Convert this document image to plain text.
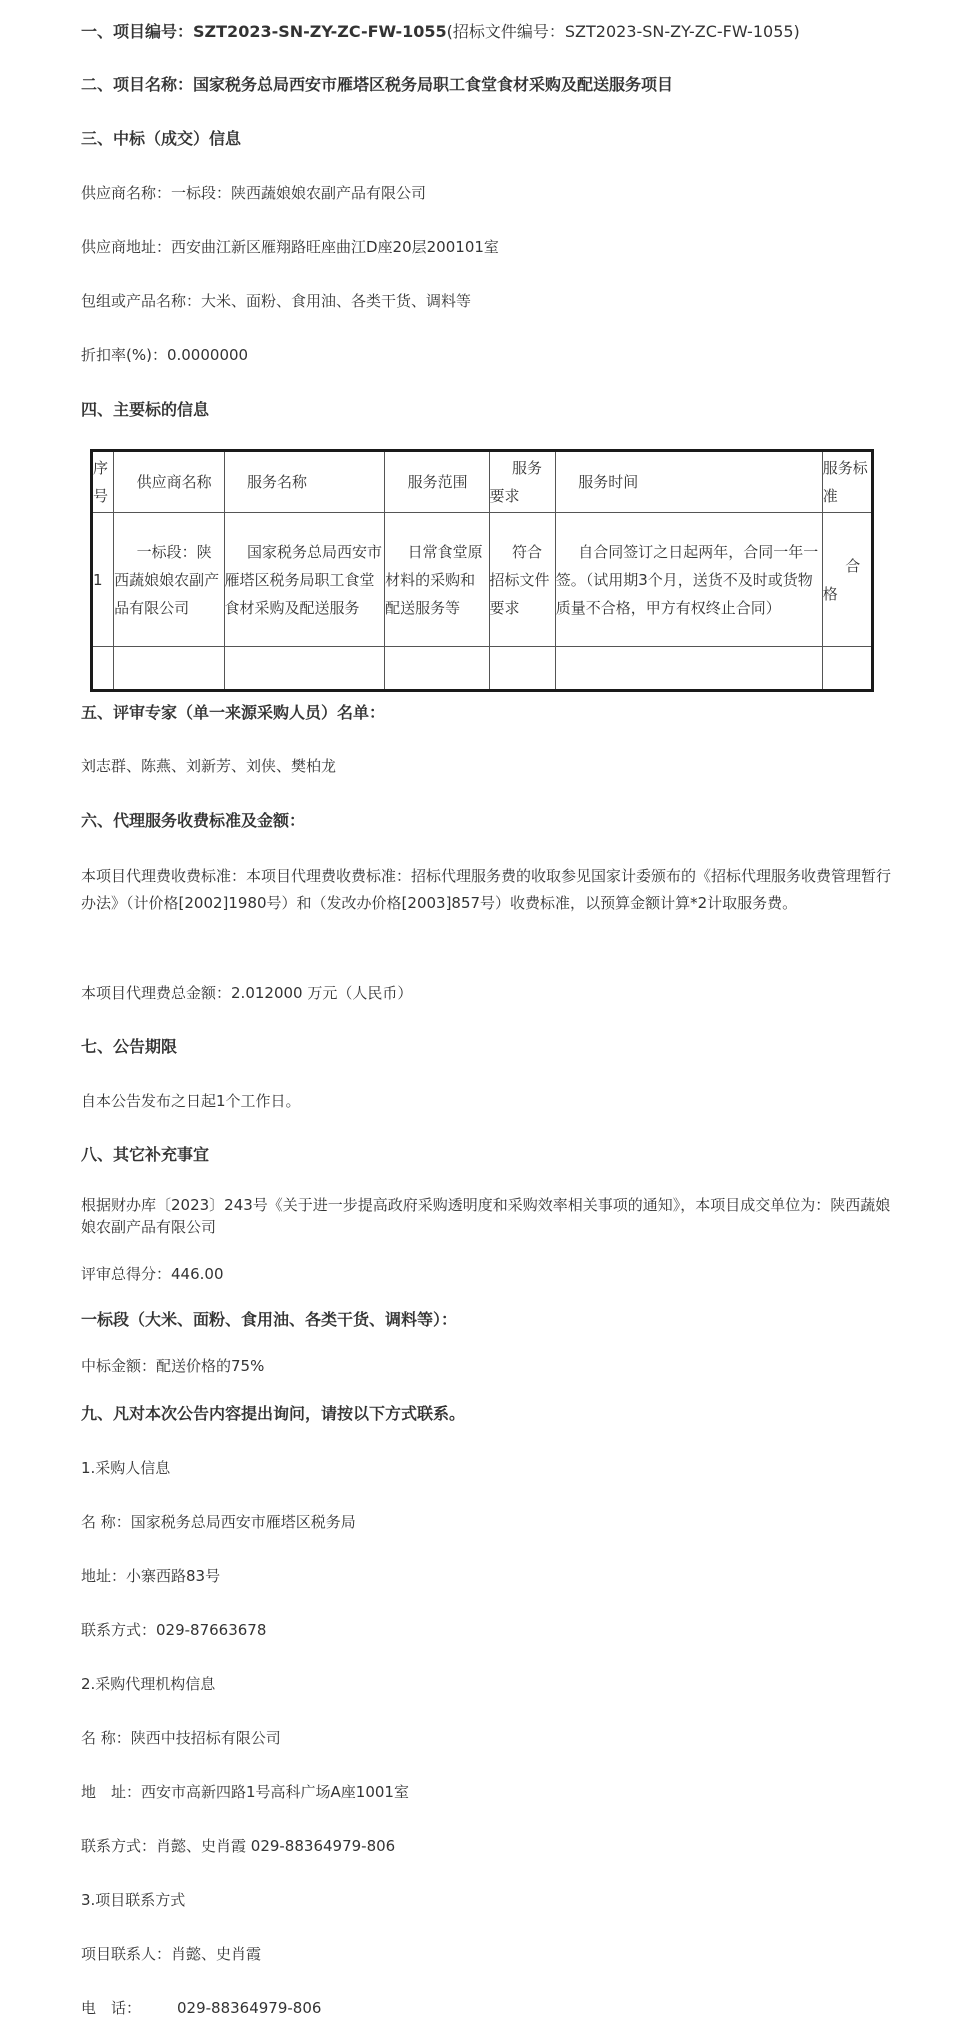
一、项目编号：SZT2023-SN-ZY-ZC-FW-1055(招标文件编号：SZT2023-SN-ZY-ZC-FW-1055)
二、项目名称：国家税务总局西安市雁塔区税务局职工食堂食材采购及配送服务项目
三、中标（成交）信息
供应商名称：一标段：陕西蔬娘娘农副产品有限公司
供应商地址：西安曲江新区雁翔路旺座曲江D座20层200101室
包组或产品名称：大米、面粉、食用油、各类干货、调料等
折扣率(%)：0.0000000
四、主要标的信息
序号	供应商名称	服务名称	服务范围	服务要求	服务时间	服务标准
1	一标段：陕西蔬娘娘农副产品有限公司	国家税务总局西安市雁塔区税务局职工食堂食材采购及配送服务	日常食堂原材料的采购和配送服务等	符合招标文件要求	自合同签订之日起两年，合同一年一签。（试用期3个月，送货不及时或货物质量不合格，甲方有权终止合同）	合格

五、评审专家（单一来源采购人员）名单：
刘志群、陈燕、刘新芳、刘侠、樊柏龙
六、代理服务收费标准及金额：
本项目代理费收费标准：本项目代理费收费标准：招标代理服务费的收取参见国家计委颁布的《招标代理服务收费管理暂行办法》（计价格[2002]1980号）和（发改办价格[2003]857号）收费标准，以预算金额计算*2计取服务费。
本项目代理费总金额：2.012000 万元（人民币）
七、公告期限
自本公告发布之日起1个工作日。
八、其它补充事宜
根据财办库〔2023〕243号《关于进一步提高政府采购透明度和采购效率相关事项的通知》，本项目成交单位为：陕西蔬娘娘农副产品有限公司
评审总得分：446.00
一标段（大米、面粉、食用油、各类干货、调料等）：
中标金额：配送价格的75%
九、凡对本次公告内容提出询问，请按以下方式联系。
1.采购人信息
名 称：国家税务总局西安市雁塔区税务局
地址：小寨西路83号
联系方式：029-87663678
2.采购代理机构信息
名 称：陕西中技招标有限公司
地　址：西安市高新四路1号高科广场A座1001室
联系方式：肖懿、史肖霞 029-88364979-806
3.项目联系方式
项目联系人：肖懿、史肖霞
电　话： 029-88364979-806
